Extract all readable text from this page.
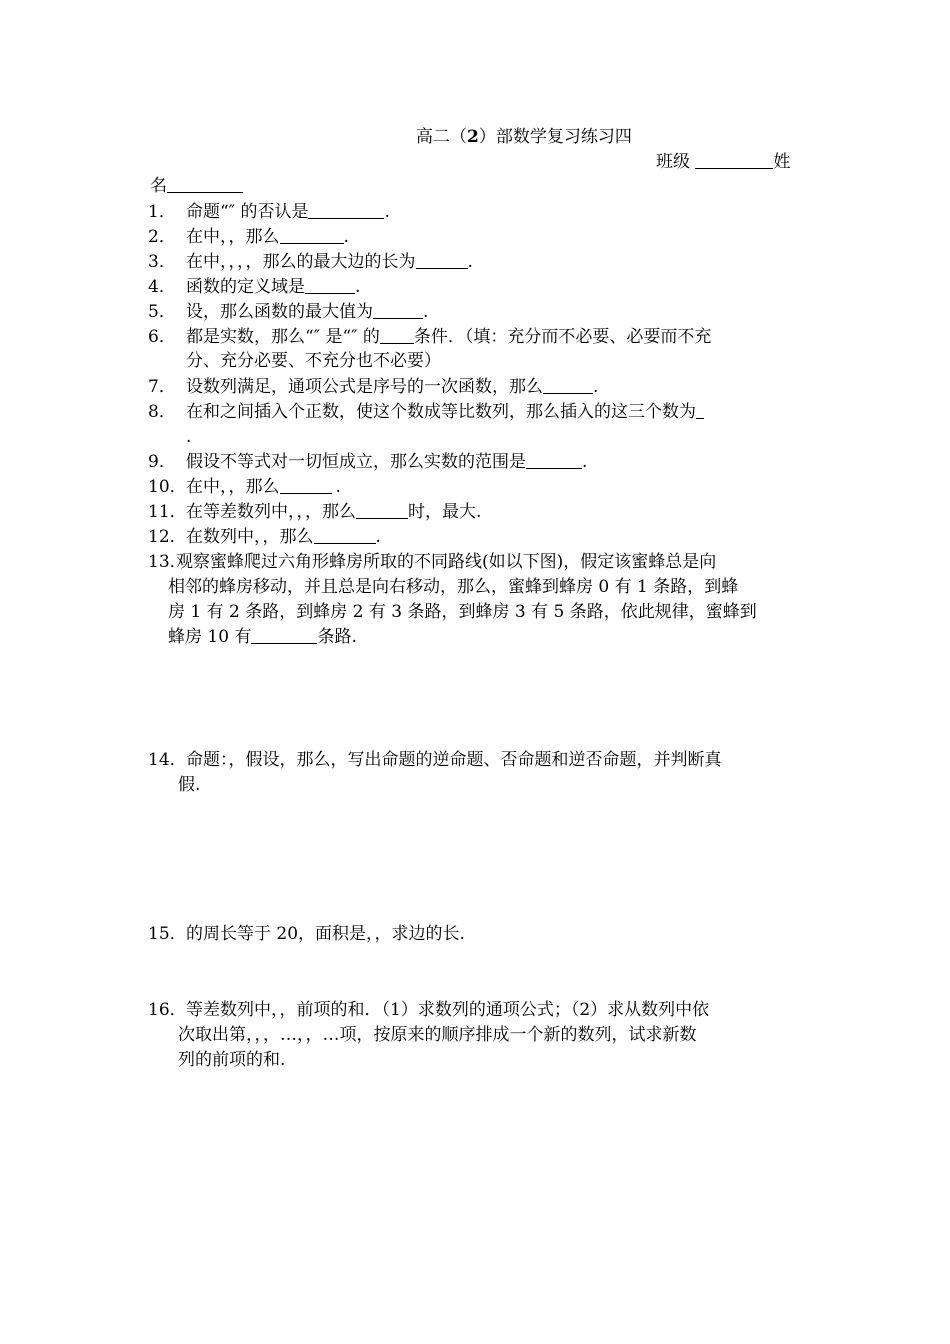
高二（2）部数学复习练习四
班级	姓
名
1． 命题“″ 的否认是	.
2． 在中，，那么	.
3． 在中，，，，那么的最大边的长为	.
4． 函数的定义域是	.
5． 设，那么函数的最大值为	.
6． 都是实数，那么“″ 是“″ 的 条件．（填：充分而不必要、必要而不充
分、充分必要、不充分也不必要）
7． 设数列满足，通项公式是序号的一次函数，那么	.
8． 在和之间插入个正数，使这个数成等比数列，那么插入的这三个数为
.
9． 假设不等式对一切恒成立，那么实数的范围是	.
10．在中，，那么	.
11．在等差数列中，，，那么	时，最大.
12．在数列中，，那么	.
13．观察蜜蜂爬过六角形蜂房所取的不同路线(如以下图)，假定该蜜蜂总是向
相邻的蜂房移动，并且总是向右移动，那么，蜜蜂到蜂房 0 有 1 条路，到蜂
房 1 有 2 条路，到蜂房 2 有 3 条路，到蜂房 3 有 5 条路，依此规律，蜜蜂到
蜂房 10 有	条路.
14．命题：，假设，那么，写出命题的逆命题、否命题和逆否命题，并判断真
假.
15．的周长等于 20，面积是，，求边的长.
16．等差数列中，，前项的和．（1）求数列的通项公式；（2）求从数列中依
次取出第，，，…，，…项，按原来的顺序排成一个新的数列，试求新数
列的前项的和.
